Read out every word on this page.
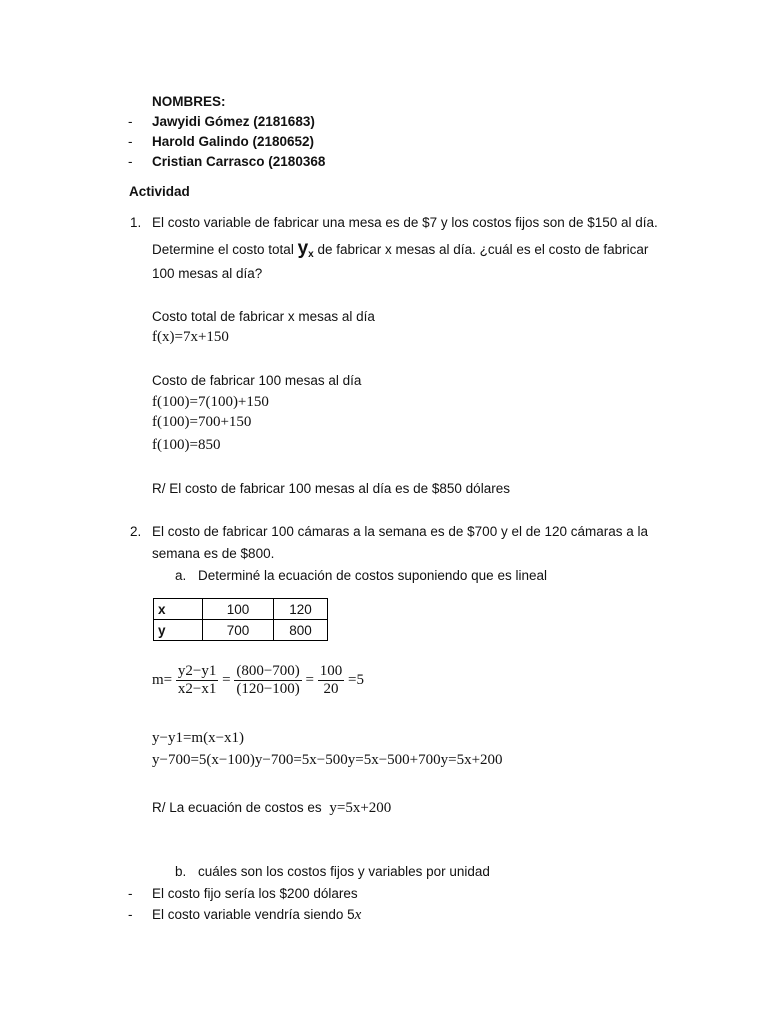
NOMBRES:
- Jawyidi Gómez (2181683)
- Harold Galindo (2180652)
- Cristian Carrasco (2180368
Actividad
1. El costo variable de fabricar una mesa es de $7 y los costos fijos son de $150 al día.
Determine el costo total $y_x$ de fabricar x mesas al día. ¿cuál es el costo de fabricar
100 mesas al día?
Costo total de fabricar x mesas al día
f(x)=7x+150
Costo de fabricar 100 mesas al día
f(100)=7(100)+150
f(100)=700+150
f(100)=850
R/ El costo de fabricar 100 mesas al día es de $850 dólares
2. El costo de fabricar 100 cámaras a la semana es de $700 y el de 120 cámaras a la
semana es de $800.
a. Determiné la ecuación de costos suponiendo que es lineal
x	100	120
y	700	800
$m= \frac{y2-y1}{x2-x1} = \frac{(800-700)}{(120-100)} = \frac{100}{20} =5$
y−y1=m(x−x1)
y−700=5(x−100)y−700=5x−500y=5x−500+700y=5x+200
R/ La ecuación de costos es y=5x+200
b. cuáles son los costos fijos y variables por unidad
- El costo fijo sería los $200 dólares
- El costo variable vendría siendo 5x
